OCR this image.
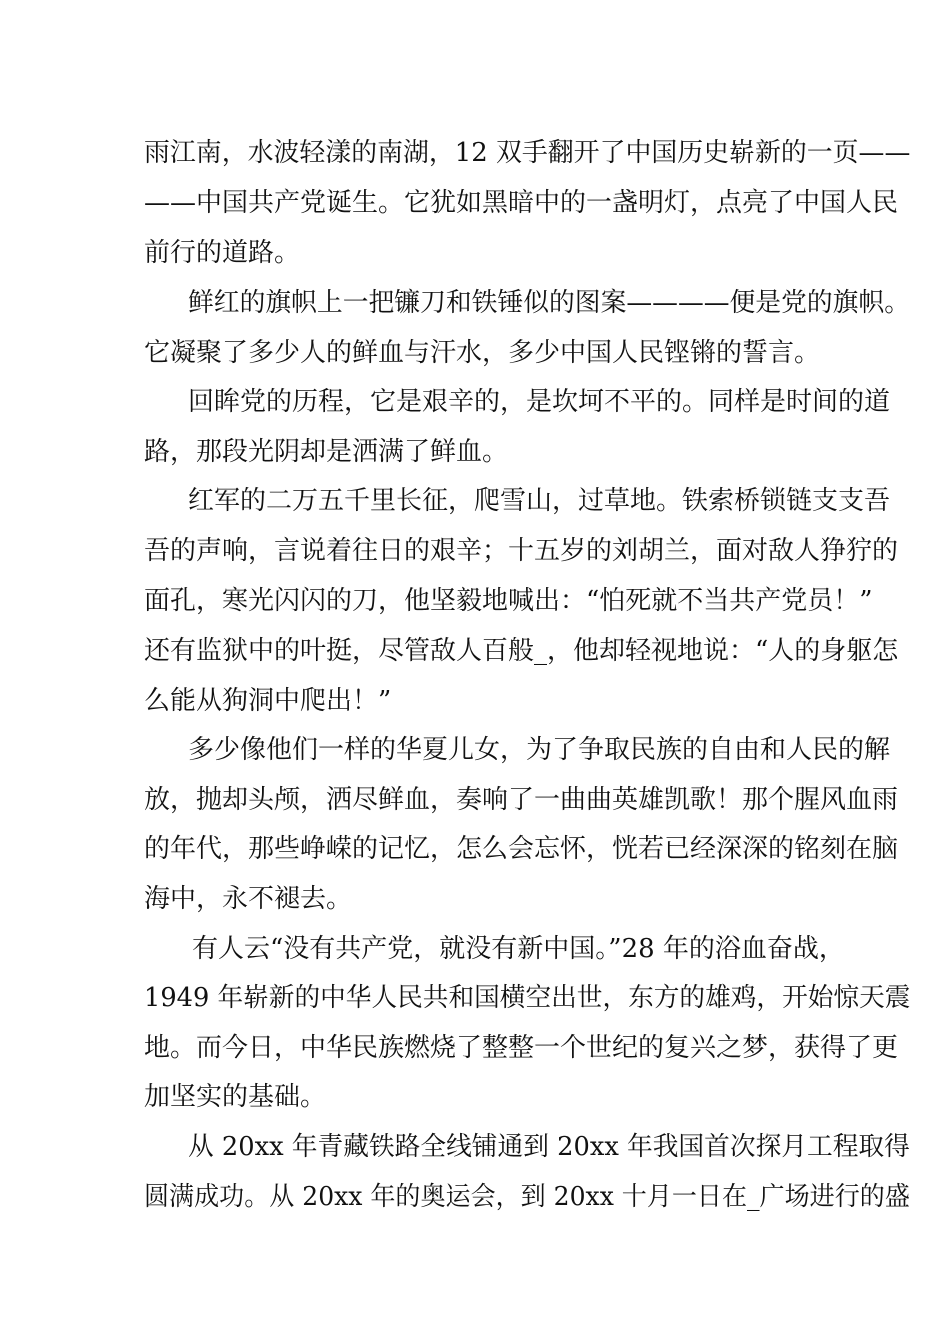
雨江南，水波轻漾的南湖，12 双手翻开了中国历史崭新的一页——
——中国共产党诞生。它犹如黑暗中的一盏明灯，点亮了中国人民
前行的道路。
鲜红的旗帜上一把镰刀和铁锤似的图案————便是党的旗帜。
它凝聚了多少人的鲜血与汗水，多少中国人民铿锵的誓言。
回眸党的历程，它是艰辛的，是坎坷不平的。同样是时间的道
路，那段光阴却是洒满了鲜血。
红军的二万五千里长征，爬雪山，过草地。铁索桥锁链支支吾
吾的声响，言说着往日的艰辛；十五岁的刘胡兰，面对敌人狰狞的
面孔，寒光闪闪的刀，他坚毅地喊出：“怕死就不当共产党员！”
还有监狱中的叶挺，尽管敌人百般_，他却轻视地说：“人的身躯怎
么能从狗洞中爬出！”
多少像他们一样的华夏儿女，为了争取民族的自由和人民的解
放，抛却头颅，洒尽鲜血，奏响了一曲曲英雄凯歌！那个腥风血雨
的年代，那些峥嵘的记忆，怎么会忘怀，恍若已经深深的铭刻在脑
海中，永不褪去。
有人云“没有共产党，就没有新中国。”28 年的浴血奋战，
1949 年崭新的中华人民共和国横空出世，东方的雄鸡，开始惊天震
地。而今日，中华民族燃烧了整整一个世纪的复兴之梦，获得了更
加坚实的基础。
从 20xx 年青藏铁路全线铺通到 20xx 年我国首次探月工程取得
圆满成功。从 20xx 年的奥运会，到 20xx 十月一日在_广场进行的盛
